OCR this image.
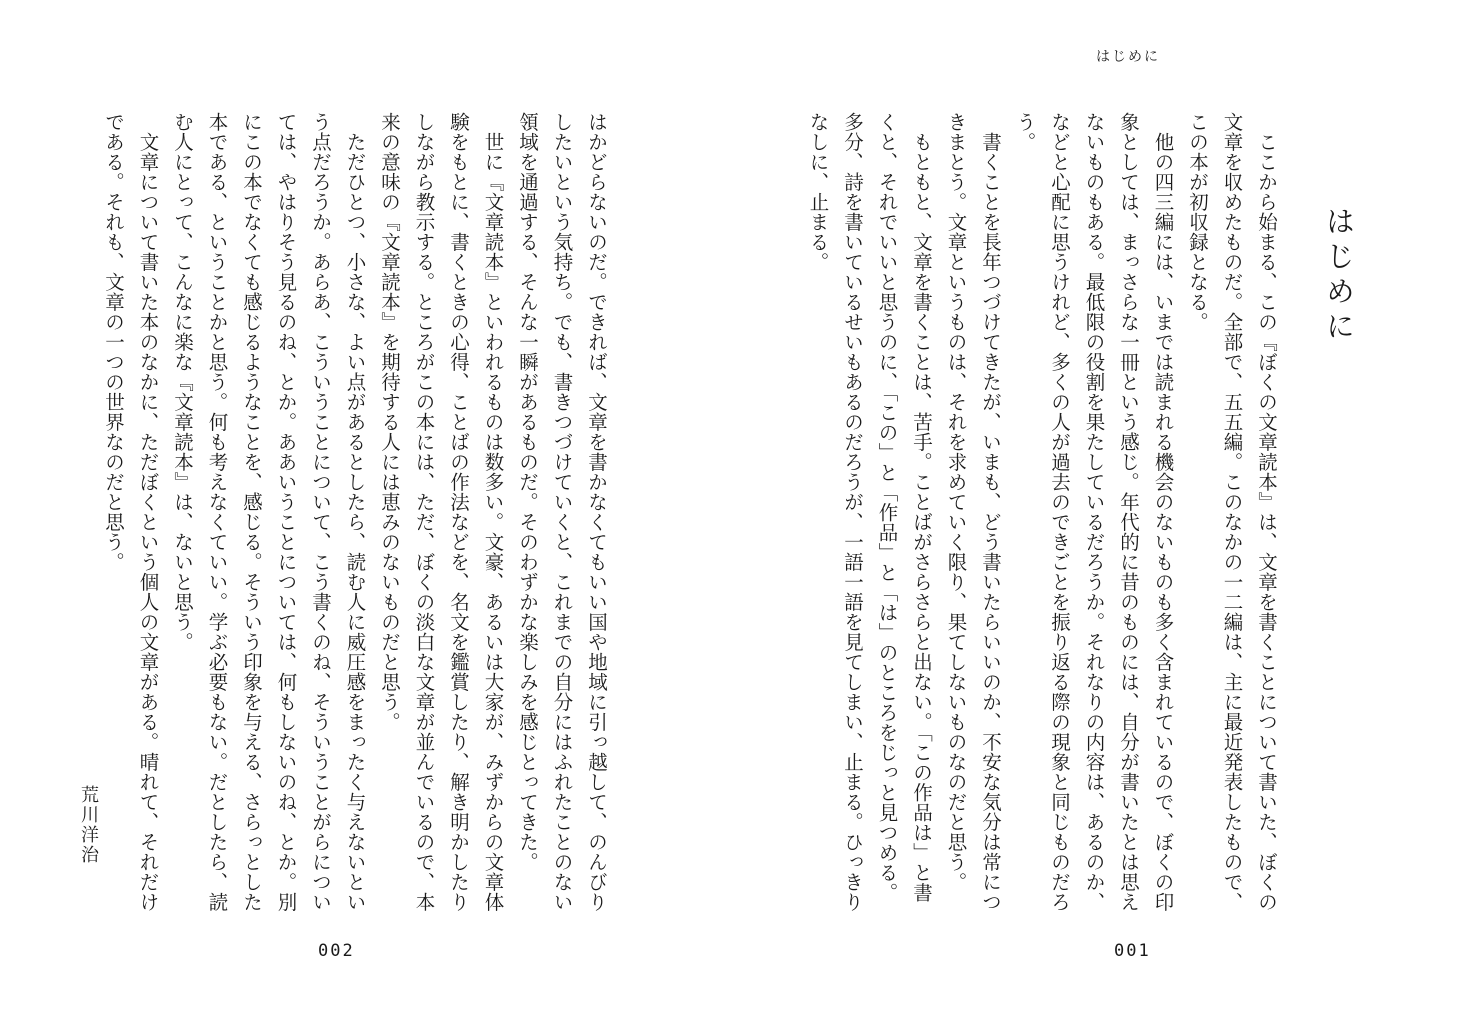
はかどらないのだ。できれば、文章を書かなくてもいい国や地域に引っ越して、のんびりしたいという気持ち。でも、書きつづけていくと、これまでの自分にはふれたことのない領域を通過する、そんな一瞬があるものだ。そのわずかな楽しみを感じとってきた。
　世に『文章読本』といわれるものは数多い。文豪、あるいは大家が、みずからの文章体験をもとに、書くときの心得、ことばの作法などを、名文を鑑賞したり、解き明かしたりしながら教示する。ところがこの本には、ただ、ぼくの淡白な文章が並んでいるので、本来の意味の『文章読本』を期待する人には恵みのないものだと思う。
　ただひとつ、小さな、よい点があるとしたら、読む人に威圧感をまったく与えないという点だろうか。あらあ、こういうことについて、こう書くのね、そういうことがらについては、やはりそう見るのね、とか。ああいうことについては、何もしないのね、とか。別にこの本でなくても感じるようなことを、感じる。そういう印象を与える、さらっとした本である、ということかと思う。何も考えなくていい。学ぶ必要もない。だとしたら、読む人にとって、こんなに楽な『文章読本』は、ないと思う。
　文章について書いた本のなかに、ただぼくという個人の文章がある。晴れて、それだけである。それも、文章の一つの世界なのだと思う。
荒川洋治
002
はじめに
はじめに
　ここから始まる、この『ぼくの文章読本』は、文章を書くことについて書いた、ぼくの文章を収めたものだ。全部で、五五編。このなかの一二編は、主に最近発表したもので、この本が初収録となる。
　他の四三編には、いまでは読まれる機会のないものも多く含まれているので、ぼくの印象としては、まっさらな一冊という感じ。年代的に昔のものには、自分が書いたとは思えないものもある。最低限の役割を果たしているだろうか。それなりの内容は、あるのか、などと心配に思うけれど、多くの人が過去のできごとを振り返る際の現象と同じものだろう。
　書くことを長年つづけてきたが、いまも、どう書いたらいいのか、不安な気分は常につきまとう。文章というものは、それを求めていく限り、果てしないものなのだと思う。
　もともと、文章を書くことは、苦手。ことばがさらさらと出ない。「この作品は」と書くと、それでいいと思うのに、「この」と「作品」と「は」のところをじっと見つめる。多分、詩を書いているせいもあるのだろうが、一語一語を見てしまい、止まる。ひっきりなしに、止まる。
001
